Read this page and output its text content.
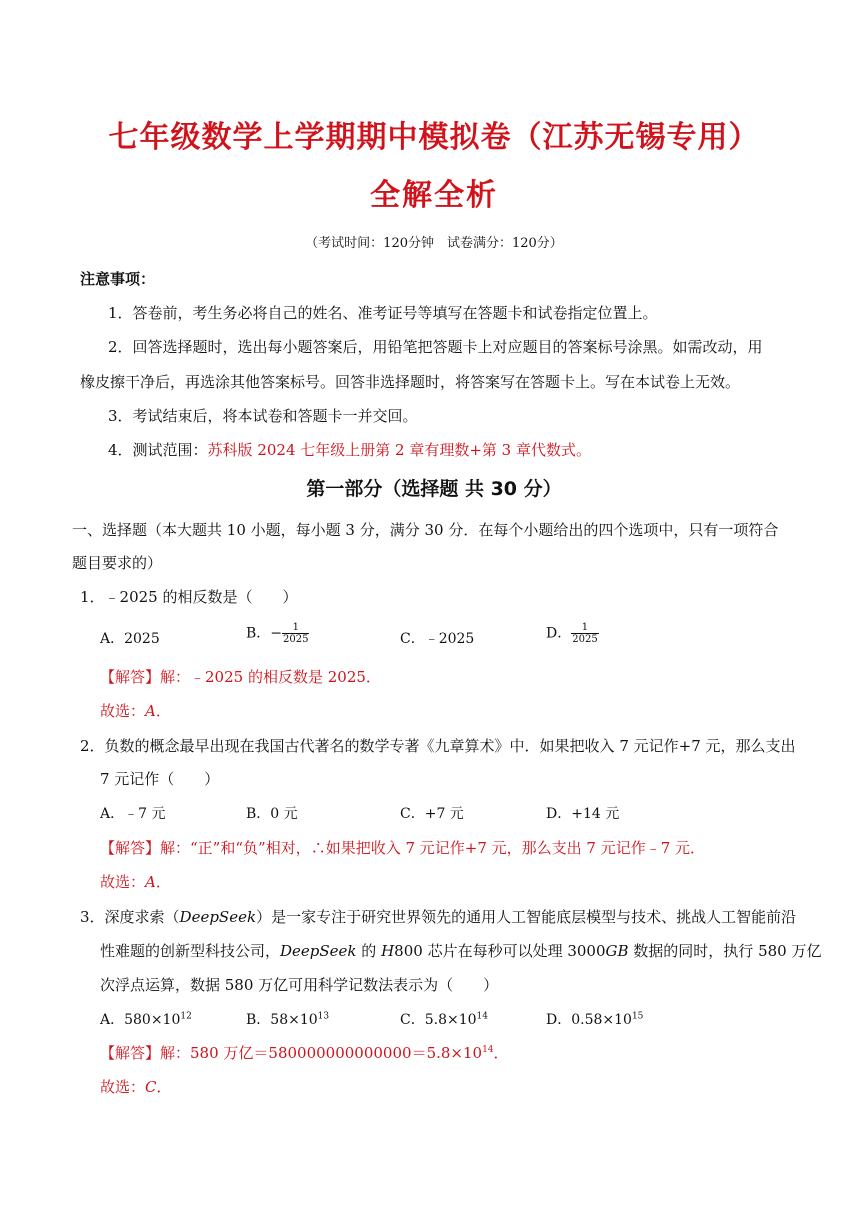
七年级数学上学期期中模拟卷（江苏无锡专用）
全解全析
（考试时间：120分钟　试卷满分：120分）
注意事项：
1．答卷前，考生务必将自己的姓名、准考证号等填写在答题卡和试卷指定位置上。
2．回答选择题时，选出每小题答案后，用铅笔把答题卡上对应题目的答案标号涂黑。如需改动，用
橡皮擦干净后，再选涂其他答案标号。回答非选择题时，将答案写在答题卡上。写在本试卷上无效。
3．考试结束后，将本试卷和答题卡一并交回。
4．测试范围：苏科版 2024 七年级上册第 2 章有理数+第 3 章代数式。
第一部分（选择题 共 30 分）
一、选择题（本大题共 10 小题，每小题 3 分，满分 30 分．在每个小题给出的四个选项中，只有一项符合
题目要求的）
1．﹣2025 的相反数是（　　）
A．2025	B．− $\frac{1}{2025}$	C．﹣2025	D． $\frac{1}{2025}$
【解答】解：﹣2025 的相反数是 2025．
故选：A．
2．负数的概念最早出现在我国古代著名的数学专著《九章算术》中．如果把收入 7 元记作+7 元，那么支出
7 元记作（　　）
A．﹣7 元	B．0 元	C．+7 元	D．+14 元
【解答】解：“正”和“负”相对，∴如果把收入 7 元记作+7 元，那么支出 7 元记作﹣7 元．
故选：A．
3．深度求索（DeepSeek）是一家专注于研究世界领先的通用人工智能底层模型与技术、挑战人工智能前沿
性难题的创新型科技公司，DeepSeek 的 H800 芯片在每秒可以处理 3000GB 数据的同时，执行 580 万亿
次浮点运算，数据 580 万亿可用科学记数法表示为（　　）
A．$580\times 10^{12}$	B．$58\times 10^{13}$	C．$5.8\times 10^{14}$	D．$0.58\times 10^{15}$
【解答】解：580 万亿$=580000000000000=5.8\times 10^{14}$．
故选：C．
